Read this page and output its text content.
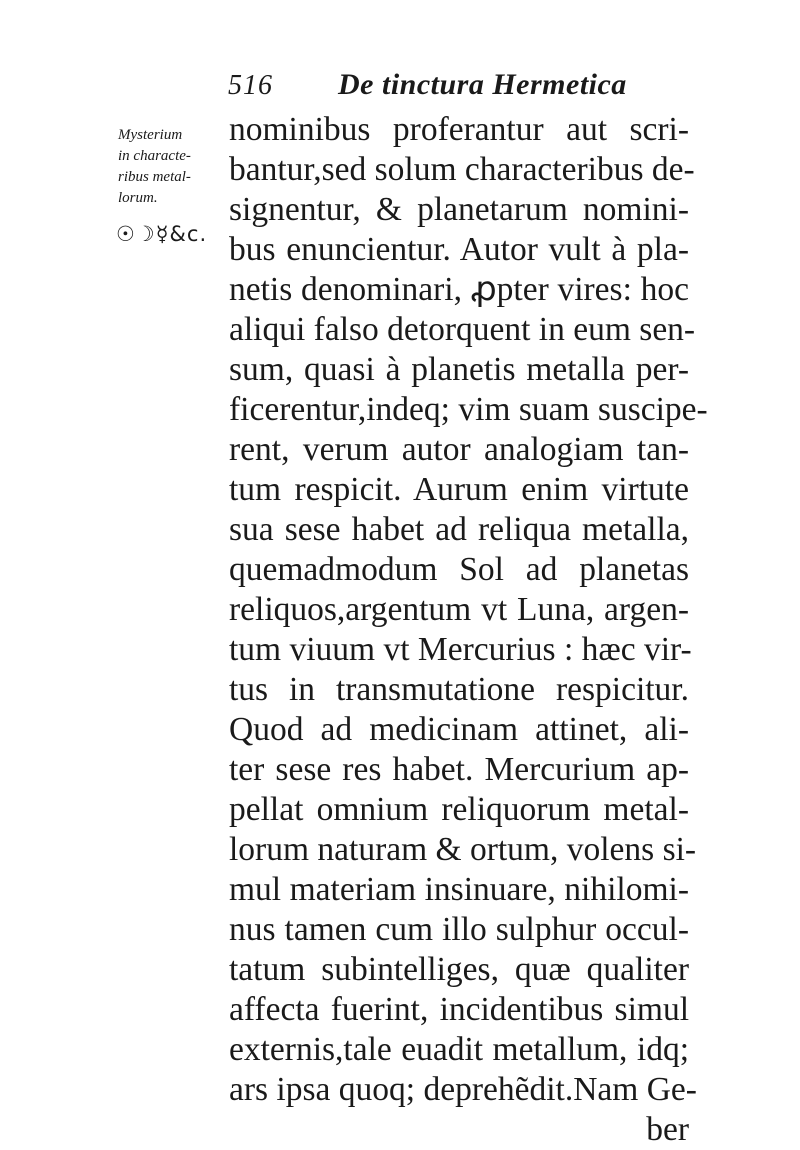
516 De tinctura Hermetica
Mysterium
in characte-
ribus metal-
lorum.
☉☽☿&c.
nominibus proferantur aut scri-
bantur,sed solum characteribus de-
signentur, & planetarum nomini-
bus enuncientur. Autor vult à pla-
netis denominari, ꝓpter vires: hoc
aliqui falso detorquent in eum sen-
sum, quasi à planetis metalla per-
ficerentur,indeq; vim suam suscipe-
rent, verum autor analogiam tan-
tum respicit. Aurum enim virtute
sua sese habet ad reliqua metalla,
quemadmodum Sol ad planetas
reliquos,argentum vt Luna, argen-
tum viuum vt Mercurius : hæc vir-
tus in transmutatione respicitur.
Quod ad medicinam attinet, ali-
ter sese res habet. Mercurium ap-
pellat omnium reliquorum metal-
lorum naturam & ortum, volens si-
mul materiam insinuare, nihilomi-
nus tamen cum illo sulphur occul-
tatum subintelliges, quæ qualiter
affecta fuerint, incidentibus simul
externis,tale euadit metallum, idq;
ars ipsa quoq; deprehẽdit.Nam Ge-
ber
